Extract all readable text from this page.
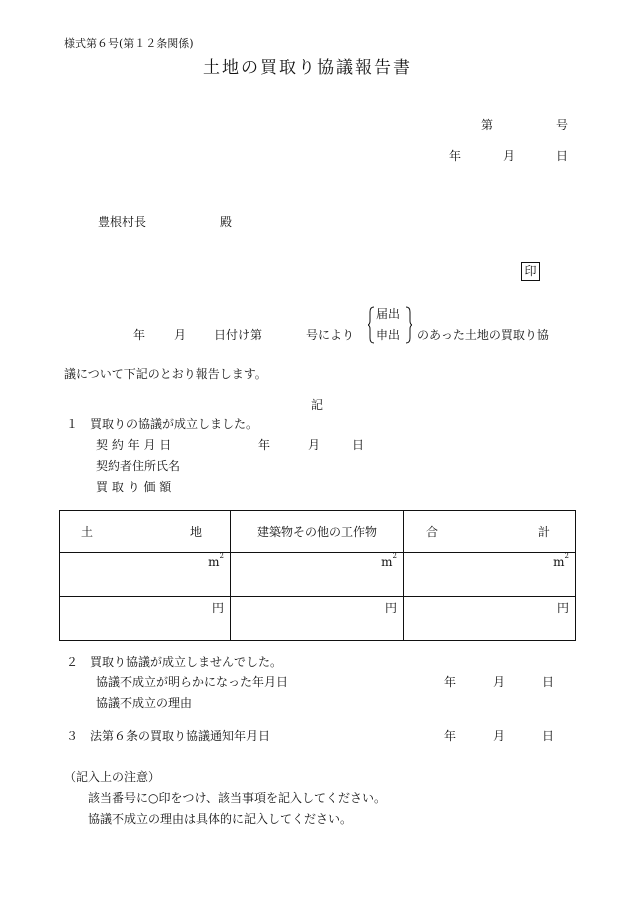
様式第６号(第１２条関係)
土地の買取り協議報告書
第	号
年	月	日
豊根村長	殿
印
年 月 日付け第	号により
届出
申出 のあった土地の買取り協
議について下記のとおり報告します。
記
１　買取りの協議が成立しました。
契 約 年 月 日	年	月	日
契約者住所氏名
買 取 り 価 額
土 地	建築物その他の工作物	合 計

$m^2$	$m^2$	$m^2$
円	円	円
２　買取り協議が成立しませんでした。
協議不成立が明らかになった年月日	年	月	日
協議不成立の理由
３　法第６条の買取り協議通知年月日	年	月	日
（記入上の注意）
該当番号に○印をつけ、該当事項を記入してください。
協議不成立の理由は具体的に記入してください。
